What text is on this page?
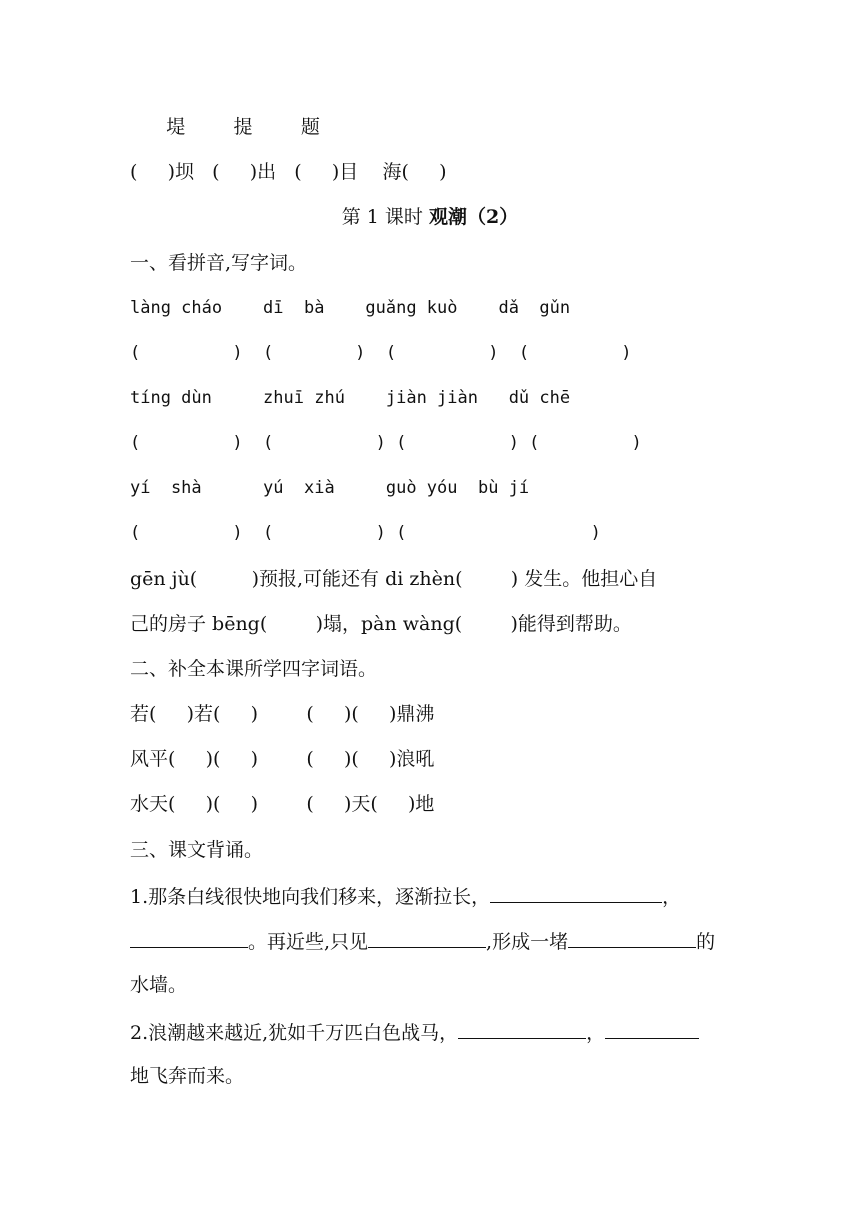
堤        提        题
(     )坝   (     )出   (     )目    海(     )
第 1 课时 观潮（2）
一、看拼音,写字词。
làng cháo    dī  bà    guǎng kuò    dǎ  gǔn
(         )  (        )  (         )  (         )
tíng dùn     zhuī zhú    jiàn jiàn   dǔ chē
(         )  (          ) (          ) (         )
yí  shà      yú  xià     guò yóu  bù jí
(         )  (          ) (                  )
gēn jù(         )预报,可能还有 di zhèn(        ) 发生。他担心自
己的房子 bēng(        )塌，pàn wàng(        )能得到帮助。
二、补全本课所学四字词语。
若(     )若(     )        (     )(     )鼎沸
风平(     )(     )        (     )(     )浪吼
水天(     )(     )        (     )天(     )地
三、课文背诵。
1.那条白线很快地向我们移来，逐渐拉长，	，
。再近些,只见	,形成一堵	的
水墙。
2.浪潮越来越近,犹如千万匹白色战马，	，
地飞奔而来。
